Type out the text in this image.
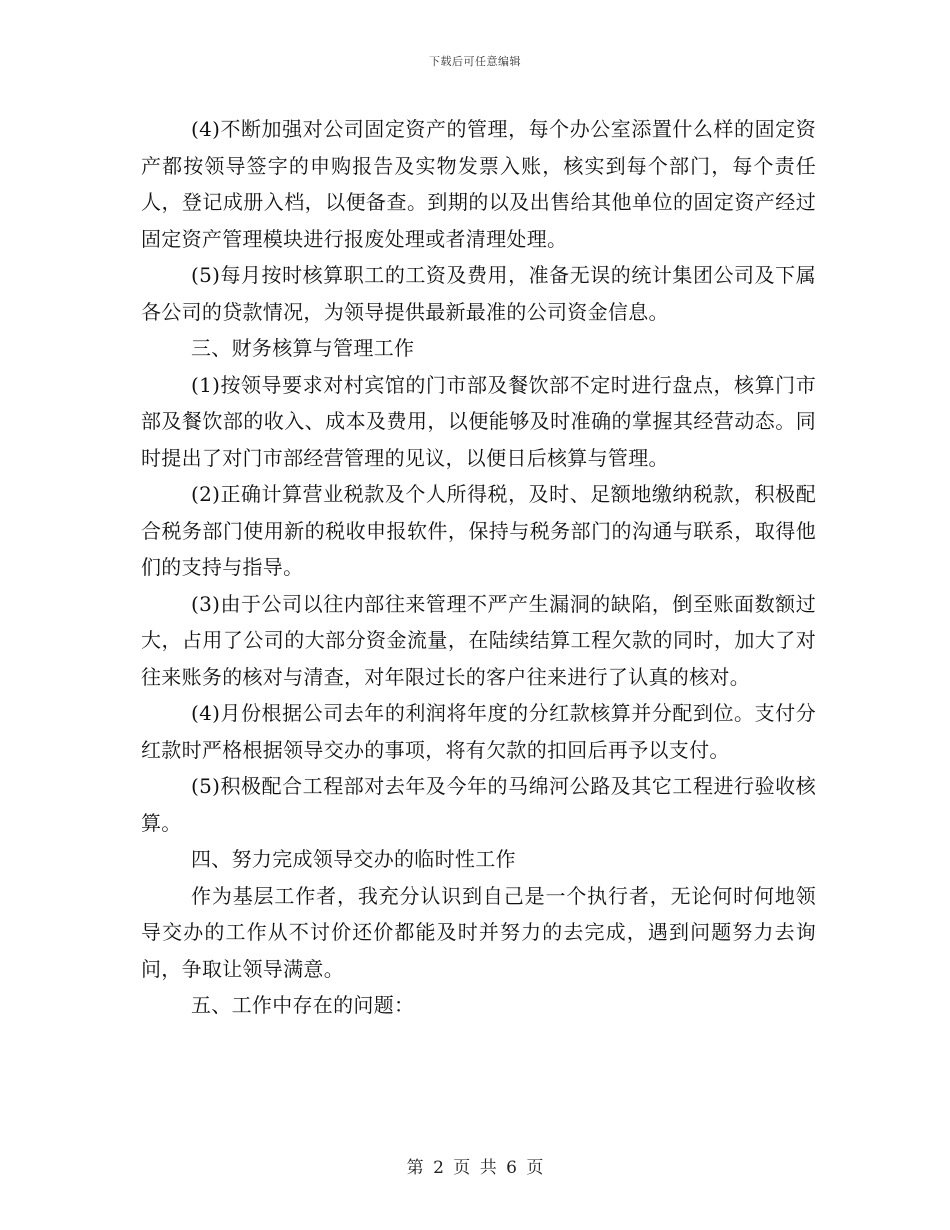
下载后可任意编辑

(4)不断加强对公司固定资产的管理，每个办公室添置什么样的固定资产都按领导签字的申购报告及实物发票入账，核实到每个部门，每个责任人，登记成册入档，以便备查。到期的以及出售给其他单位的固定资产经过固定资产管理模块进行报废处理或者清理处理。

(5)每月按时核算职工的工资及费用，准备无误的统计集团公司及下属各公司的贷款情况，为领导提供最新最准的公司资金信息。

三、财务核算与管理工作

(1)按领导要求对村宾馆的门市部及餐饮部不定时进行盘点，核算门市部及餐饮部的收入、成本及费用，以便能够及时准确的掌握其经营动态。同时提出了对门市部经营管理的见议，以便日后核算与管理。

(2)正确计算营业税款及个人所得税，及时、足额地缴纳税款，积极配合税务部门使用新的税收申报软件，保持与税务部门的沟通与联系，取得他们的支持与指导。

(3)由于公司以往内部往来管理不严产生漏洞的缺陷，倒至账面数额过大，占用了公司的大部分资金流量，在陆续结算工程欠款的同时，加大了对往来账务的核对与清查，对年限过长的客户往来进行了认真的核对。

(4)月份根据公司去年的利润将年度的分红款核算并分配到位。支付分红款时严格根据领导交办的事项，将有欠款的扣回后再予以支付。

(5)积极配合工程部对去年及今年的马绵河公路及其它工程进行验收核算。

四、努力完成领导交办的临时性工作

作为基层工作者，我充分认识到自己是一个执行者，无论何时何地领导交办的工作从不讨价还价都能及时并努力的去完成，遇到问题努力去询问，争取让领导满意。

五、工作中存在的问题：

第 2 页 共 6 页
